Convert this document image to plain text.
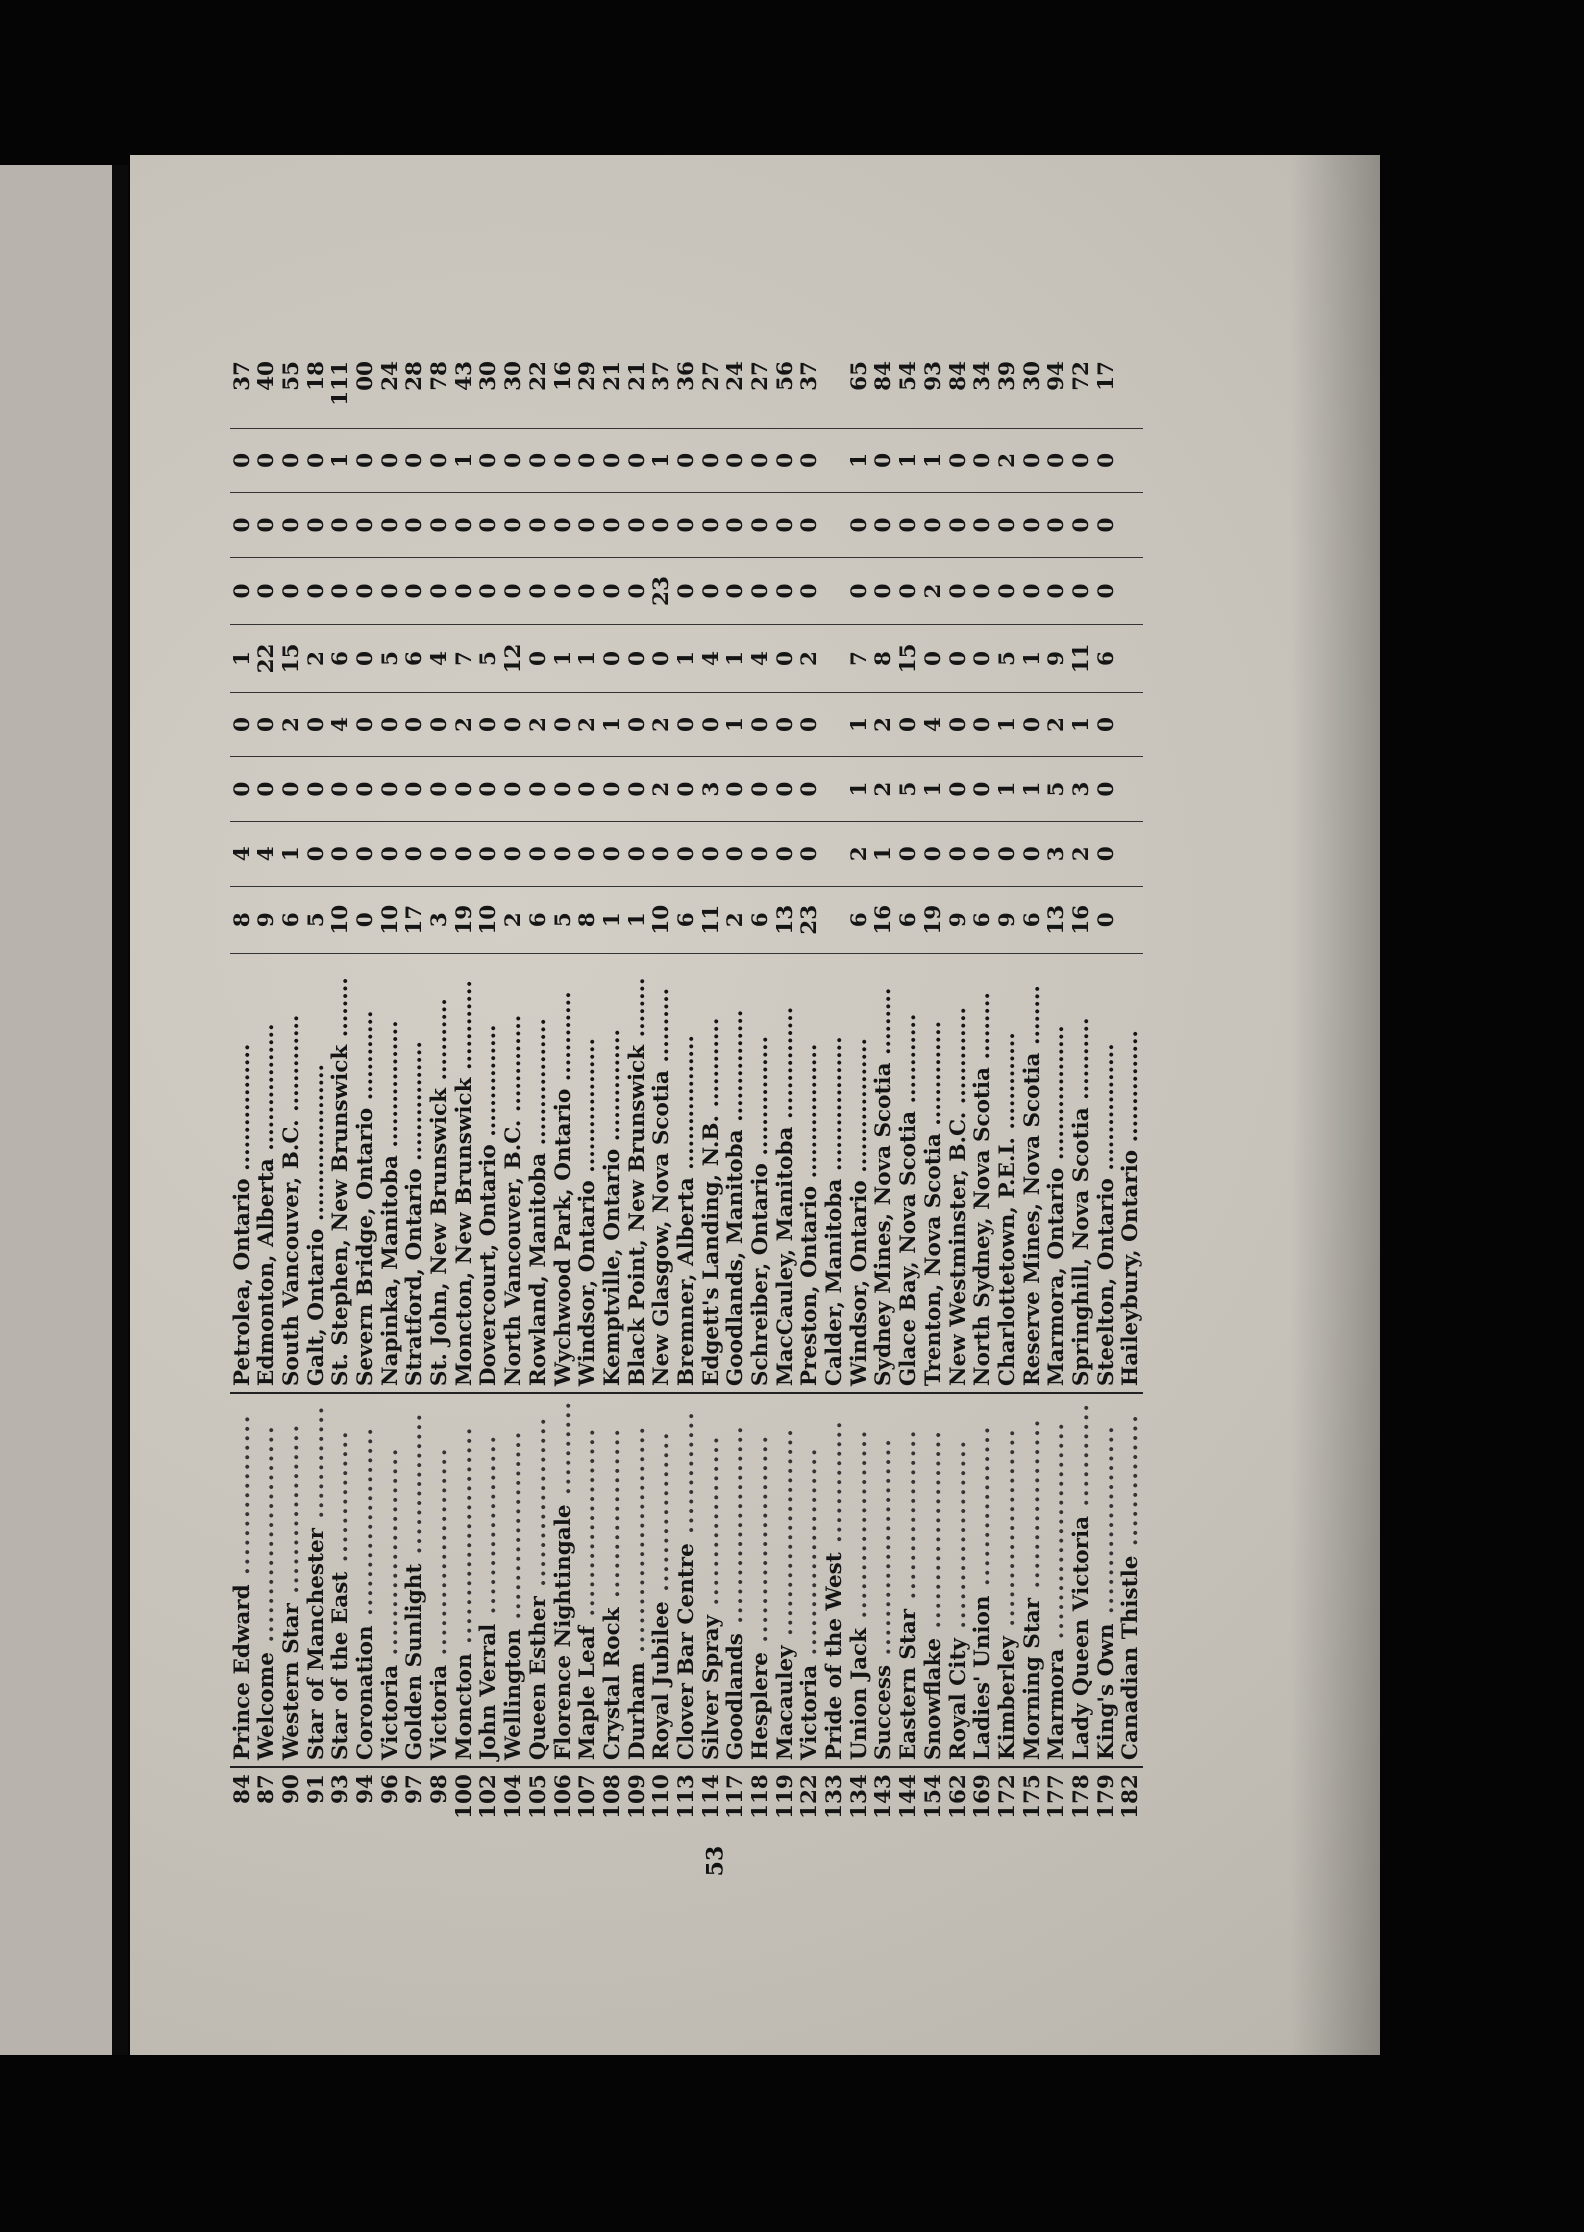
84	Prince Edward .................	Petrolea, Ontario .................	8	4	0	0	1	0	0	0	37
87	Welcome .......................	Edmonton, Alberta .................	9	4	0	0	22	0	0	0	40
90	Western Star ..................	South Vancouver, B.C. .............	6	1	0	2	15	0	0	0	55
91	Star of Manchester ............	Galt, Ontario .....................	5	0	0	0	2	0	0	0	18
93	Star of the East ..............	St. Stephen, New Brunswick ........	10	0	0	4	6	0	0	1	111
94	Coronation ....................	Severn Bridge, Ontario ............	0	0	0	0	0	0	0	0	00
96	Victoria ......................	Napinka, Manitoba .................	10	0	0	0	5	0	0	0	24
97	Golden Sunlight ...............	Stratford, Ontario ................	17	0	0	0	6	0	0	0	28
98	Victoria ......................	St. John, New Brunswick ...........	3	0	0	0	4	0	0	0	78
100	Moncton .......................	Moncton, New Brunswick ............	19	0	0	2	7	0	0	1	43
102	John Verral ...................	Dovercourt, Ontario ...............	10	0	0	0	5	0	0	0	30
104	Wellington ....................	North Vancouver, B.C. .............	2	0	0	0	12	0	0	0	30
105	Queen Esther ..................	Rowland, Manitoba .................	6	0	0	2	0	0	0	0	22
106	Florence Nightingale ..........	Wychwood Park, Ontario ............	5	0	0	0	1	0	0	0	16
107	Maple Leaf ....................	Windsor, Ontario ..................	8	0	0	2	1	0	0	0	29
108	Crystal Rock ..................	Kemptville, Ontario ...............	1	0	0	1	0	0	0	0	21
109	Durham ........................	Black Point, New Brunswick ........	1	0	0	0	0	0	0	0	21
110	Royal Jubilee .................	New Glasgow, Nova Scotia ..........	10	0	2	2	0	23	0	1	37
113	Clover Bar Centre .............	Bremner, Alberta ..................	6	0	0	0	1	0	0	0	36
114	Silver Spray ..................	Edgett's Landing, N.B. ............	11	0	3	0	4	0	0	0	27
117	Goodlands .....................	Goodlands, Manitoba ...............	2	0	0	1	1	0	0	0	24
118	Hesplere ......................	Schreiber, Ontario ................	6	0	0	0	4	0	0	0	27
119	Macauley ......................	MacCauley, Manitoba ...............	13	0	0	0	0	0	0	0	56
122	Victoria ......................	Preston, Ontario ..................	23	0	0	0	2	0	0	0	37
133	Pride of the West .............	Calder, Manitoba ..................									
134	Union Jack ....................	Windsor, Ontario ..................	6	2	1	1	7	0	0	1	65
143	Success .......................	Sydney Mines, Nova Scotia .........	16	1	2	2	8	0	0	0	84
144	Eastern Star ..................	Glace Bay, Nova Scotia ............	6	0	5	0	15	0	0	1	54
154	Snowflake .....................	Trenton, Nova Scotia ..............	19	0	1	4	0	2	0	1	93
162	Royal City ....................	New Westminster, B.C. .............	9	0	0	0	0	0	0	0	84
169	Ladies' Union .................	North Sydney, Nova Scotia .........	6	0	0	0	0	0	0	0	34
172	Kimberley .....................	Charlottetown, P.E.I. .............	9	0	1	1	5	0	0	2	39
175	Morning Star ..................	Reserve Mines, Nova Scotia ........	6	0	1	0	1	0	0	0	30
177	Marmora .......................	Marmora, Ontario ..................	13	3	5	2	9	0	0	0	94
178	Lady Queen Victoria ...........	Springhill, Nova Scotia ...........	16	2	3	1	11	0	0	0	72
179	King's Own ....................	Steelton, Ontario .................	0	0	0	0	6	0	0	0	17
182	Canadian Thistle ..............	Haileybury, Ontario ...............									
53
